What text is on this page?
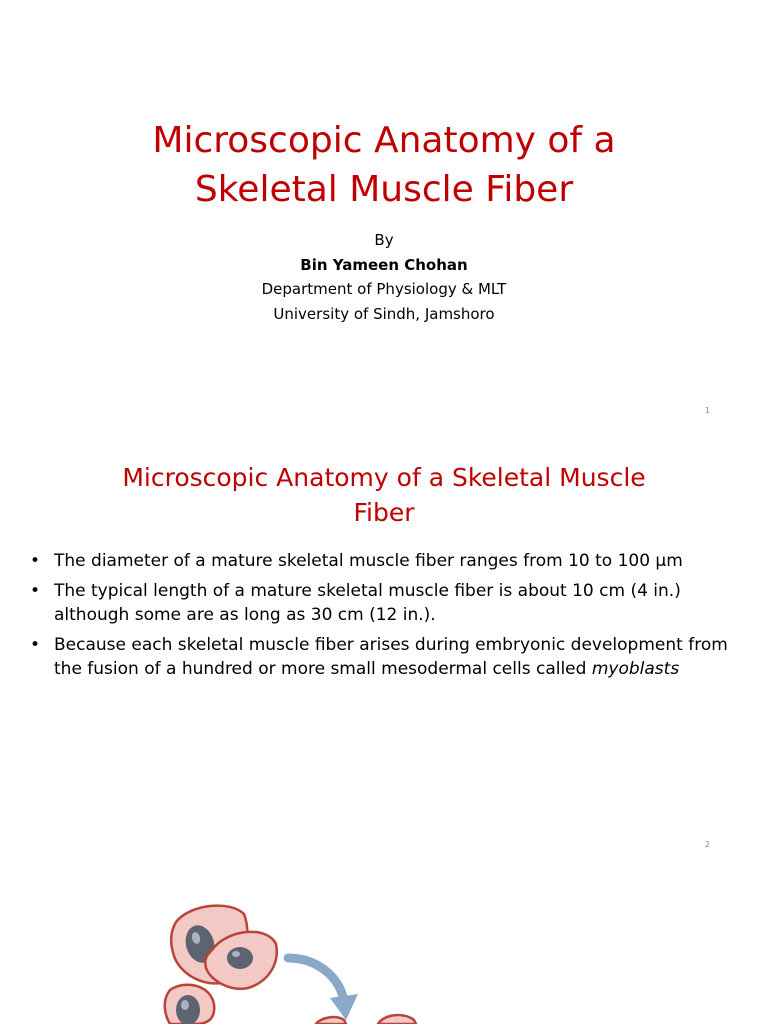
Microscopic Anatomy of a
Skeletal Muscle Fiber
By
Bin Yameen Chohan
Department of Physiology & MLT
University of Sindh, Jamshoro
1
Microscopic Anatomy of a Skeletal Muscle
Fiber
• The diameter of a mature skeletal muscle fiber ranges from 10 to 100 µm
• The typical length of a mature skeletal muscle fiber is about 10 cm (4 in.) although some are as long as 30 cm (12 in.).
• Because each skeletal muscle fiber arises during embryonic development from the fusion of a hundred or more small mesodermal cells called myoblasts
2
